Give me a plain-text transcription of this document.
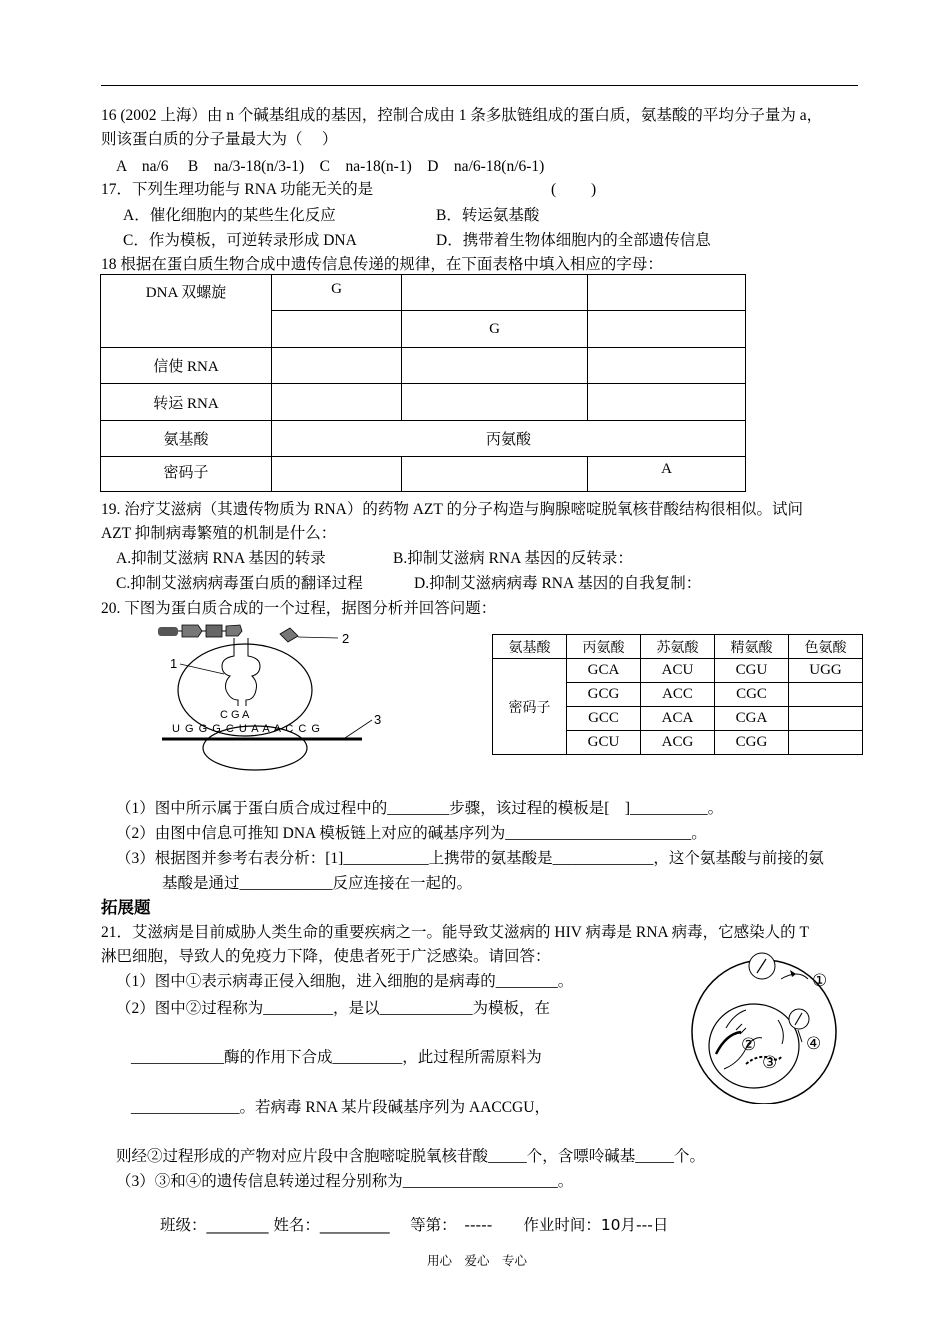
16 (2002 上海）由 n 个碱基组成的基因，控制合成由 1 条多肽链组成的蛋白质，氨基酸的平均分子量为 a，
则该蛋白质的分子量最大为（　 ）
A　na/6　 B　na/3-18(n/3-1)　C　na-18(n-1)　D　na/6-18(n/6-1)
17．下列生理功能与 RNA 功能无关的是	(　　 )
A．催化细胞内的某些生化反应	B．转运氨基酸
C．作为模板，可逆转录形成 DNA	D．携带着生物体细胞内的全部遗传信息
18 根据在蛋白质生物合成中遗传信息传递的规律，在下面表格中填入相应的字母：
DNA 双螺旋	G		
		G	
信使 RNA			
转运 RNA			
氨基酸	丙氨酸		
密码子			A
19. 治疗艾滋病（其遗传物质为 RNA）的药物 AZT 的分子构造与胸腺嘧啶脱氧核苷酸结构很相似。试问
AZT 抑制病毒繁殖的机制是什么：
A.抑制艾滋病 RNA 基因的转录	B.抑制艾滋病 RNA 基因的反转录：
C.抑制艾滋病病毒蛋白质的翻译过程	D.抑制艾滋病病毒 RNA 基因的自我复制：
20. 下图为蛋白质合成的一个过程，据图分析并回答问题：
2
1
C G A
U G G G C U A A A C C G
3
氨基酸	丙氨酸	苏氨酸	精氨酸	色氨酸
密码子	GCA	ACU	CGU	UGG
	GCG	ACC	CGC	
	GCC	ACA	CGA	
	GCU	ACG	CGG	
（1）图中所示属于蛋白质合成过程中的________步骤，该过程的模板是[　]__________。
（2）由图中信息可推知 DNA 模板链上对应的碱基序列为________________________。
（3）根据图并参考右表分析：[1]___________上携带的氨基酸是_____________，这个氨基酸与前接的氨
基酸是通过____________反应连接在一起的。
拓展题
21．艾滋病是目前威胁人类生命的重要疾病之一。能导致艾滋病的 HIV 病毒是 RNA 病毒，它感染人的 T
淋巴细胞，导致人的免疫力下降，使患者死于广泛感染。请回答：
（1）图中①表示病毒正侵入细胞，进入细胞的是病毒的________。
（2）图中②过程称为_________，是以____________为模板，在
____________酶的作用下合成_________，此过程所需原料为
______________。若病毒 RNA 某片段碱基序列为 AACCGU，
则经②过程形成的产物对应片段中含胞嘧啶脱氧核苷酸_____个，含嘌呤碱基_____个。
（3）③和④的遗传信息转递过程分别称为____________________。
①
④
②
③
班级：________ 姓名：_________　 等第：　-----　　作业时间：10月---日
用心　爱心　专心
